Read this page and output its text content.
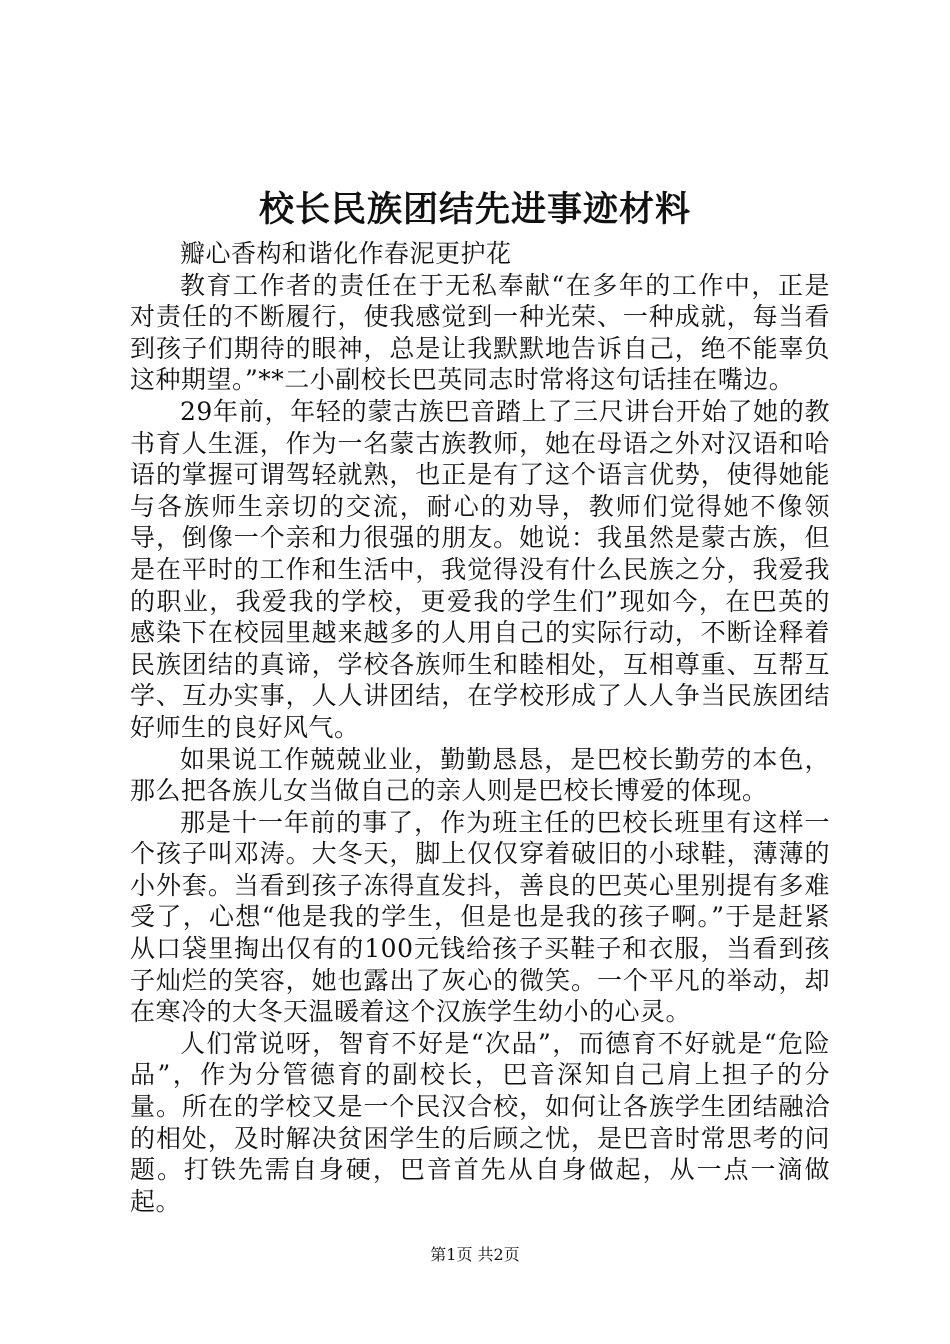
校长民族团结先进事迹材料

瓣心香构和谐化作春泥更护花

教育工作者的责任在于无私奉献“在多年的工作中，正是对责任的不断履行，使我感觉到一种光荣、一种成就，每当看到孩子们期待的眼神，总是让我默默地告诉自己，绝不能辜负这种期望。”**二小副校长巴英同志时常将这句话挂在嘴边。

29年前，年轻的蒙古族巴音踏上了三尺讲台开始了她的教书育人生涯，作为一名蒙古族教师，她在母语之外对汉语和哈语的掌握可谓驾轻就熟，也正是有了这个语言优势，使得她能与各族师生亲切的交流，耐心的劝导，教师们觉得她不像领导，倒像一个亲和力很强的朋友。她说：我虽然是蒙古族，但是在平时的工作和生活中，我觉得没有什么民族之分，我爱我的职业，我爱我的学校，更爱我的学生们”现如今，在巴英的感染下在校园里越来越多的人用自己的实际行动，不断诠释着民族团结的真谛，学校各族师生和睦相处，互相尊重、互帮互学、互办实事，人人讲团结，在学校形成了人人争当民族团结好师生的良好风气。

如果说工作兢兢业业，勤勤恳恳，是巴校长勤劳的本色，那么把各族儿女当做自己的亲人则是巴校长博爱的体现。

那是十一年前的事了，作为班主任的巴校长班里有这样一个孩子叫邓涛。大冬天，脚上仅仅穿着破旧的小球鞋，薄薄的小外套。当看到孩子冻得直发抖，善良的巴英心里别提有多难受了，心想“他是我的学生，但是也是我的孩子啊。”于是赶紧从口袋里掏出仅有的100元钱给孩子买鞋子和衣服，当看到孩子灿烂的笑容，她也露出了灰心的微笑。一个平凡的举动，却在寒冷的大冬天温暖着这个汉族学生幼小的心灵。

人们常说呀，智育不好是“次品”，而德育不好就是“危险品”，作为分管德育的副校长，巴音深知自己肩上担子的分量。所在的学校又是一个民汉合校，如何让各族学生团结融洽的相处，及时解决贫困学生的后顾之忧，是巴音时常思考的问题。打铁先需自身硬，巴音首先从自身做起，从一点一滴做起。

第1页 共2页
